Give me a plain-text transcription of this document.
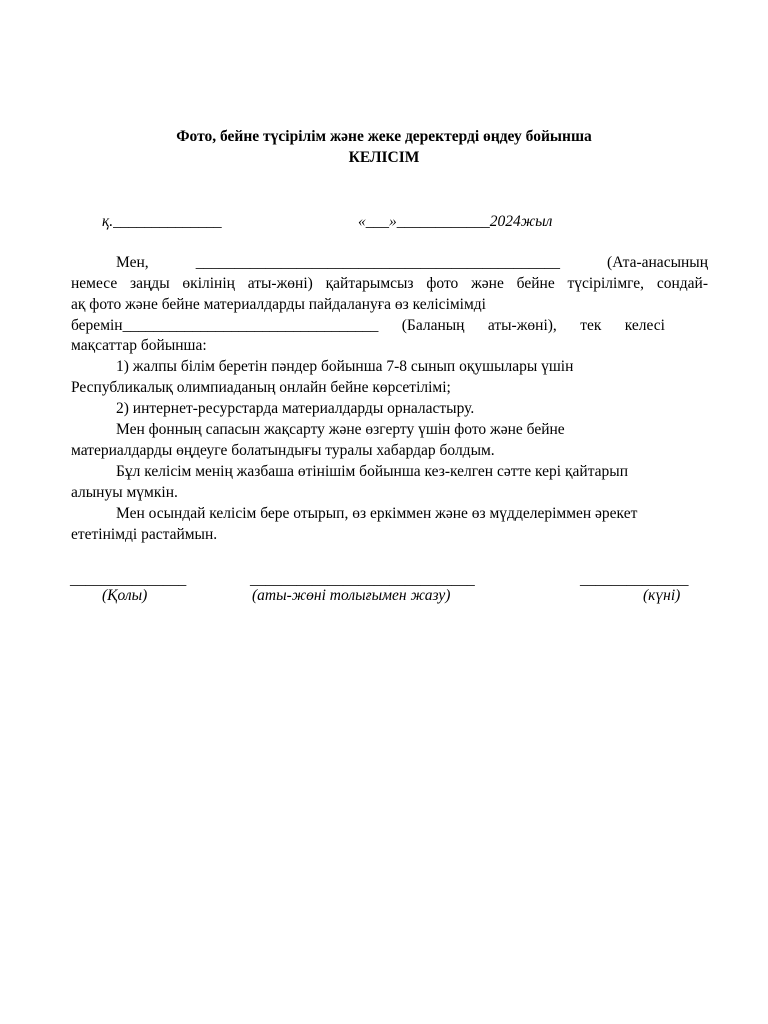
Фото, бейне түсірілім және жеке деректерді өңдеу бойынша
КЕЛІСІМ
қ.______________	«___»____________2024жыл
Мен, _______________________________________________ (Ата-анасының
немесе заңды өкілінің аты-жөні) қайтарымсыз фото және бейне түсірілімге, сондай-
ақ фото және бейне материалдарды пайдалануға өз келісімімді
беремін_________________________________ (Баланың аты-жөні), тек келесі
мақсаттар бойынша:
1) жалпы білім беретін пәндер бойынша 7-8 сынып оқушылары үшін
Республикалық олимпиаданың онлайн бейне көрсетілімі;
2) интернет-ресурстарда материалдарды орналастыру.
Мен фонның сапасын жақсарту және өзгерту үшін фото және бейне
материалдарды өңдеуге болатындығы туралы хабардар болдым.
Бұл келісім менің жазбаша өтінішім бойынша кез-келген сәтте кері қайтарып
алынуы мүмкін.
Мен осындай келісім бере отырып, өз еркіммен және өз мүдделеріммен әрекет
ететінімді растаймын.
_______________	_____________________________	______________
(Қолы)	(аты-жөні толығымен жазу)	(күні)
